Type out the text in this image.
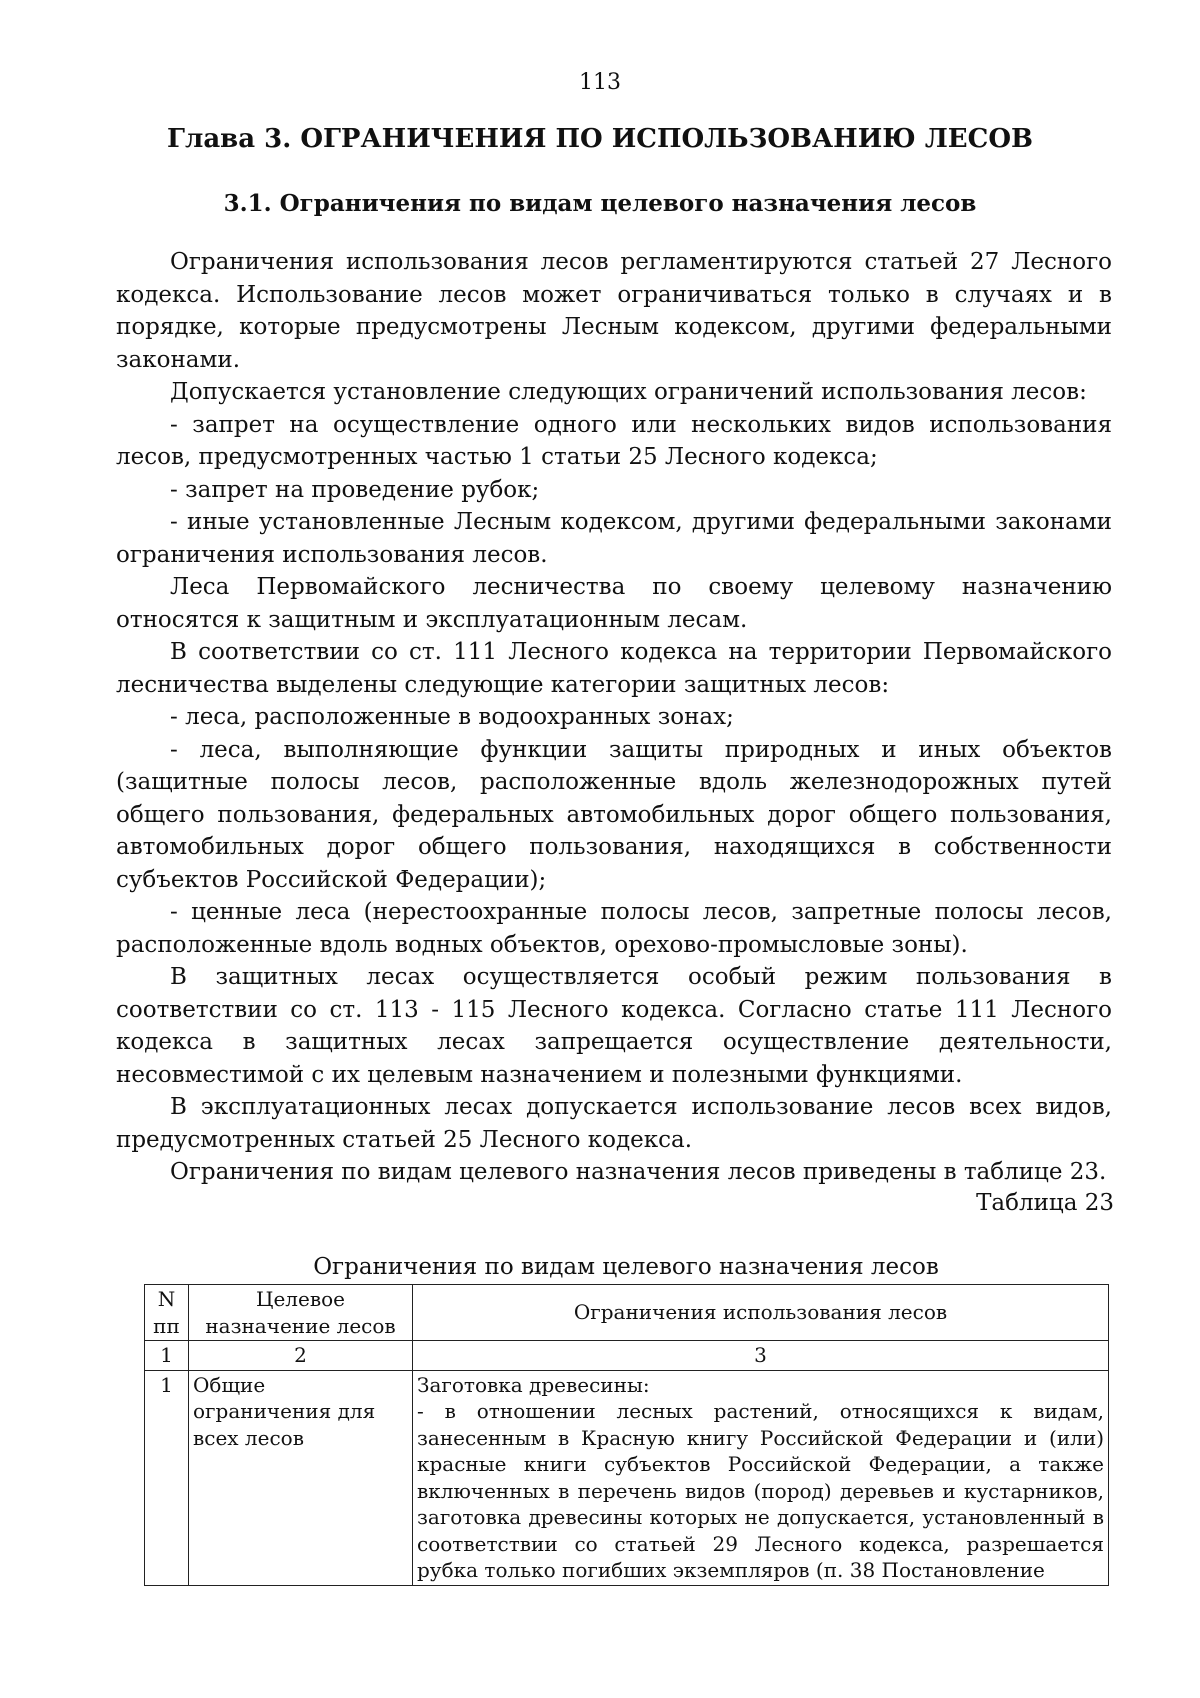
113
Глава 3. ОГРАНИЧЕНИЯ ПО ИСПОЛЬЗОВАНИЮ ЛЕСОВ
3.1. Ограничения по видам целевого назначения лесов

Ограничения использования лесов регламентируются статьей 27 Лесного кодекса. Использование лесов может ограничиваться только в случаях и в порядке, которые предусмотрены Лесным кодексом, другими федеральными законами.

Допускается установление следующих ограничений использования лесов:

- запрет на осуществление одного или нескольких видов использования лесов, предусмотренных частью 1 статьи 25 Лесного кодекса;

- запрет на проведение рубок;

- иные установленные Лесным кодексом, другими федеральными законами ограничения использования лесов.

Леса Первомайского лесничества по своему целевому назначению относятся к защитным и эксплуатационным лесам.

В соответствии со ст. 111 Лесного кодекса на территории Первомайского лесничества выделены следующие категории защитных лесов:

- леса, расположенные в водоохранных зонах;

- леса, выполняющие функции защиты природных и иных объектов (защитные полосы лесов, расположенные вдоль железнодорожных путей общего пользования, федеральных автомобильных дорог общего пользования, автомобильных дорог общего пользования, находящихся в собственности субъектов Российской Федерации);

- ценные леса (нерестоохранные полосы лесов, запретные полосы лесов, расположенные вдоль водных объектов, орехово-промысловые зоны).

В защитных лесах осуществляется особый режим пользования в соответствии со ст. 113 - 115 Лесного кодекса. Согласно статье 111 Лесного кодекса в защитных лесах запрещается осуществление деятельности, несовместимой с их целевым назначением и полезными функциями.

В эксплуатационных лесах допускается использование лесов всех видов, предусмотренных статьей 25 Лесного кодекса.

Ограничения по видам целевого назначения лесов приведены в таблице 23.

Таблица 23
Ограничения по видам целевого назначения лесов
N пп	Целевое назначение лесов	Ограничения использования лесов
1	2	3
1	Общие ограничения для всех лесов	Заготовка древесины:
- в отношении лесных растений, относящихся к видам, занесенным в Красную книгу Российской Федерации и (или) красные книги субъектов Российской Федерации, а также включенных в перечень видов (пород) деревьев и кустарников, заготовка древесины которых не допускается, установленный в соответствии со статьей 29 Лесного кодекса, разрешается рубка только погибших экземпляров (п. 38 Постановление
